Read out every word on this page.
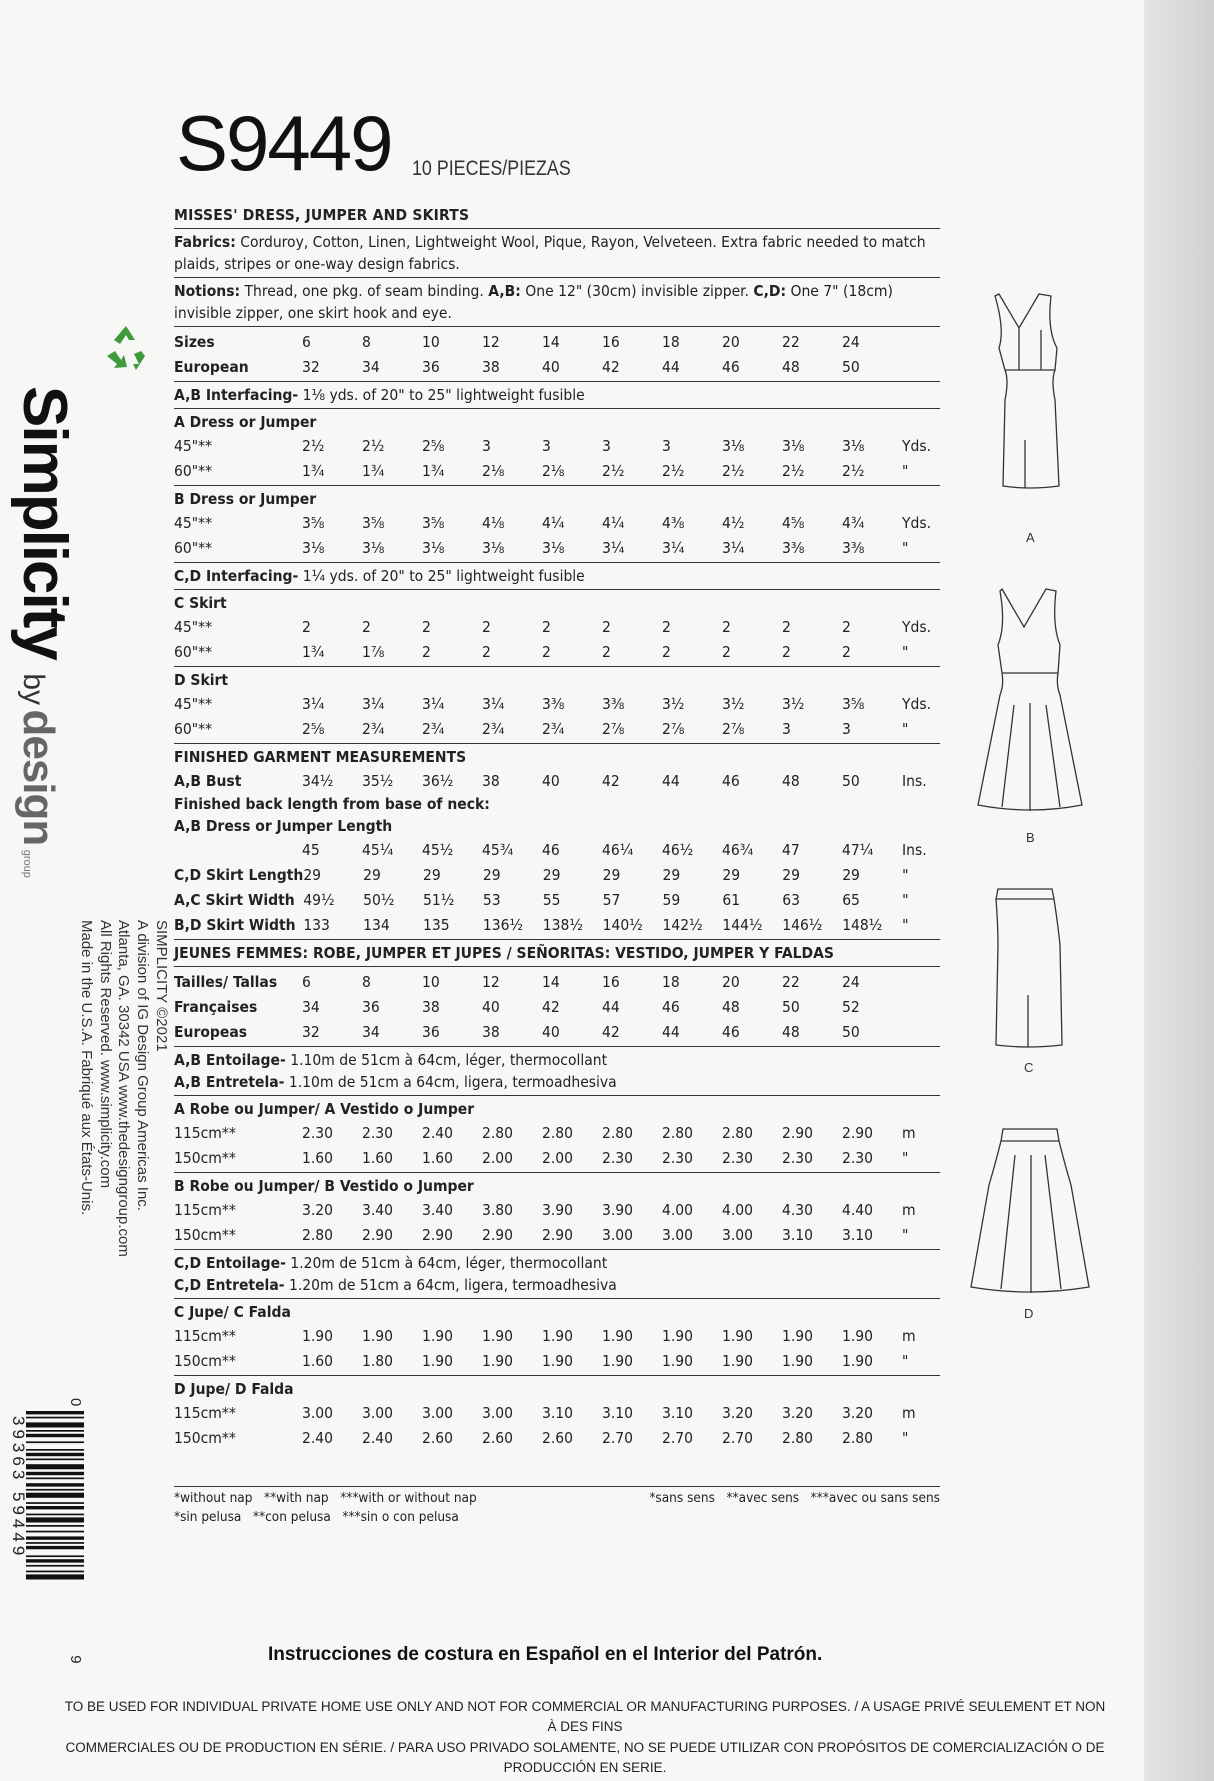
S9449 10 PIECES/PIEZAS
MISSES' DRESS, JUMPER AND SKIRTS
Fabrics: Corduroy, Cotton, Linen, Lightweight Wool, Pique, Rayon, Velveteen. Extra fabric needed to match plaids, stripes or one-way design fabrics.
Notions: Thread, one pkg. of seam binding. A,B: One 12" (30cm) invisible zipper. C,D: One 7" (18cm) invisible zipper, one skirt hook and eye.
Sizes	6	8	10	12	14	16	18	20	22	24	
European	32	34	36	38	40	42	44	46	48	50	
A,B Interfacing- 1⅛ yds. of 20" to 25" lightweight fusible
A Dress or Jumper
45"**	2½	2½	2⅝	3	3	3	3	3⅛	3⅛	3⅛	Yds.
60"**	1¾	1¾	1¾	2⅛	2⅛	2½	2½	2½	2½	2½	"
B Dress or Jumper
45"**	3⅝	3⅝	3⅝	4⅛	4¼	4¼	4⅜	4½	4⅝	4¾	Yds.
60"**	3⅛	3⅛	3⅛	3⅛	3⅛	3¼	3¼	3¼	3⅜	3⅜	"
C,D Interfacing- 1¼ yds. of 20" to 25" lightweight fusible
C Skirt
45"**	2	2	2	2	2	2	2	2	2	2	Yds.
60"**	1¾	1⅞	2	2	2	2	2	2	2	2	"
D Skirt
45"**	3¼	3¼	3¼	3¼	3⅜	3⅜	3½	3½	3½	3⅝	Yds.
60"**	2⅝	2¾	2¾	2¾	2¾	2⅞	2⅞	2⅞	3	3	"
FINISHED GARMENT MEASUREMENTS
A,B Bust	34½	35½	36½	38	40	42	44	46	48	50	Ins.
Finished back length from base of neck:
A,B Dress or Jumper Length
	45	45¼	45½	45¾	46	46¼	46½	46¾	47	47¼	Ins.
C,D Skirt Length	29	29	29	29	29	29	29	29	29	29	"
A,C Skirt Width	49½	50½	51½	53	55	57	59	61	63	65	"
B,D Skirt Width	133	134	135	136½	138½	140½	142½	144½	146½	148½	"
JEUNES FEMMES: ROBE, JUMPER ET JUPES / SEÑORITAS: VESTIDO, JUMPER Y FALDAS
Tailles/ Tallas	6	8	10	12	14	16	18	20	22	24	
Françaises	34	36	38	40	42	44	46	48	50	52	
Europeas	32	34	36	38	40	42	44	46	48	50	
A,B Entoilage- 1.10m de 51cm à 64cm, léger, thermocollant
A,B Entretela- 1.10m de 51cm a 64cm, ligera, termoadhesiva
A Robe ou Jumper/ A Vestido o Jumper
115cm**	2.30	2.30	2.40	2.80	2.80	2.80	2.80	2.80	2.90	2.90	m
150cm**	1.60	1.60	1.60	2.00	2.00	2.30	2.30	2.30	2.30	2.30	"
B Robe ou Jumper/ B Vestido o Jumper
115cm**	3.20	3.40	3.40	3.80	3.90	3.90	4.00	4.00	4.30	4.40	m
150cm**	2.80	2.90	2.90	2.90	2.90	3.00	3.00	3.00	3.10	3.10	"
C,D Entoilage- 1.20m de 51cm à 64cm, léger, thermocollant
C,D Entretela- 1.20m de 51cm a 64cm, ligera, termoadhesiva
C Jupe/ C Falda
115cm**	1.90	1.90	1.90	1.90	1.90	1.90	1.90	1.90	1.90	1.90	m
150cm**	1.60	1.80	1.90	1.90	1.90	1.90	1.90	1.90	1.90	1.90	"
D Jupe/ D Falda
115cm**	3.00	3.00	3.00	3.00	3.10	3.10	3.10	3.20	3.20	3.20	m
150cm**	2.40	2.40	2.60	2.60	2.60	2.70	2.70	2.70	2.80	2.80	"
*without nap **with nap ***with or without nap
*sin pelusa **con pelusa ***sin o con pelusa
*sans sens **avec sens ***avec ou sans sens
Instrucciones de costura en Español en el Interior del Patrón.
TO BE USED FOR INDIVIDUAL PRIVATE HOME USE ONLY AND NOT FOR COMMERCIAL OR MANUFACTURING PURPOSES. / A USAGE PRIVÉ SEULEMENT ET NON À DES FINS
COMMERCIALES OU DE PRODUCTION EN SÉRIE. / PARA USO PRIVADO SOLAMENTE, NO SE PUEDE UTILIZAR CON PROPÓSITOS DE COMERCIALIZACIÓN O DE PRODUCCIÓN EN SERIE.
Simplicity by design group
SIMPLICITY ©2021
A division of IG Design Group Americas Inc.
Atlanta, GA. 30342 USA www.thedesigngroup.com
All Rights Reserved. www.simplicity.com
Made in the U.S.A. Fabriqué aux États-Unis.
0  9
39363 59449
A
B
C
D
